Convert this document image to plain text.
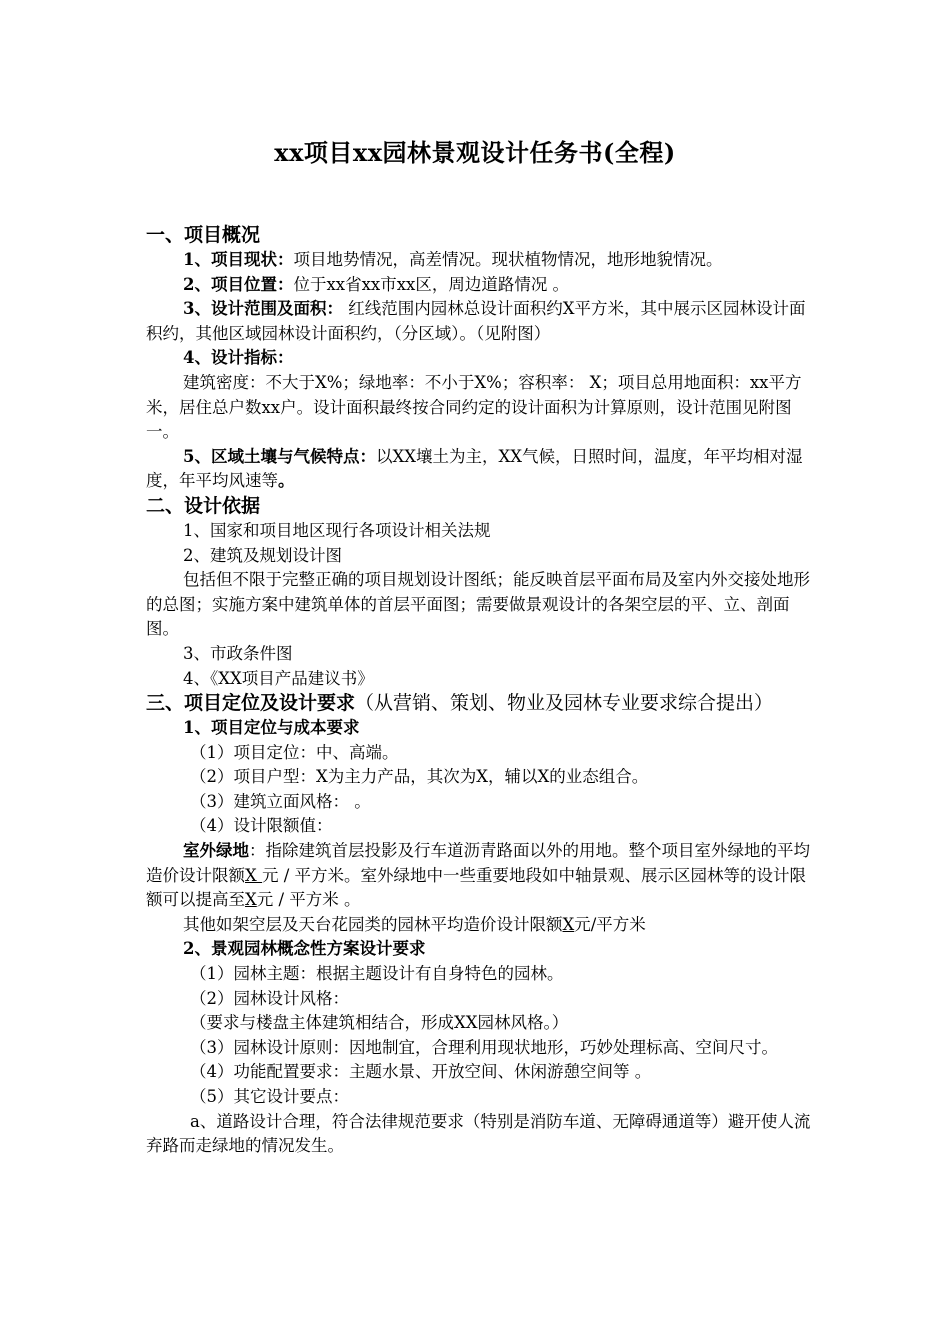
xx项目xx园林景观设计任务书(全程)

一、项目概况

1、项目现状：项目地势情况，高差情况。现状植物情况，地形地貌情况。

2、项目位置：位于xx省xx市xx区，周边道路情况 。

3、设计范围及面积： 红线范围内园林总设计面积约X平方米，其中展示区园林设计面积约，其他区域园林设计面积约，（分区域）。（见附图）

4、设计指标：

建筑密度：不大于X%；绿地率：不小于X%；容积率： X；项目总用地面积：xx平方米，居住总户数xx户。设计面积最终按合同约定的设计面积为计算原则，设计范围见附图一。

5、区域土壤与气候特点：以XX壤土为主，XX气候，日照时间，温度，年平均相对湿度，年平均风速等。

二、设计依据

1、国家和项目地区现行各项设计相关法规

2、建筑及规划设计图

包括但不限于完整正确的项目规划设计图纸；能反映首层平面布局及室内外交接处地形的总图；实施方案中建筑单体的首层平面图；需要做景观设计的各架空层的平、立、剖面图。

3、市政条件图

4、《XX项目产品建议书》

三、项目定位及设计要求（从营销、策划、物业及园林专业要求综合提出）

1、项目定位与成本要求

（1）项目定位：中、高端。

（2）项目户型：X为主力产品，其次为X，辅以X的业态组合。

（3）建筑立面风格： 。

（4）设计限额值：

室外绿地：指除建筑首层投影及行车道沥青路面以外的用地。整个项目室外绿地的平均造价设计限额X 元 / 平方米。室外绿地中一些重要地段如中轴景观、展示区园林等的设计限额可以提高至X元 / 平方米 。

其他如架空层及天台花园类的园林平均造价设计限额X元/平方米

2、景观园林概念性方案设计要求

（1）园林主题：根据主题设计有自身特色的园林。

（2）园林设计风格：

（要求与楼盘主体建筑相结合，形成XX园林风格。）

（3）园林设计原则：因地制宜，合理利用现状地形，巧妙处理标高、空间尺寸。

（4）功能配置要求：主题水景、开放空间、休闲游憩空间等 。

（5）其它设计要点：

a、道路设计合理，符合法律规范要求（特别是消防车道、无障碍通道等）避开使人流弃路而走绿地的情况发生。
